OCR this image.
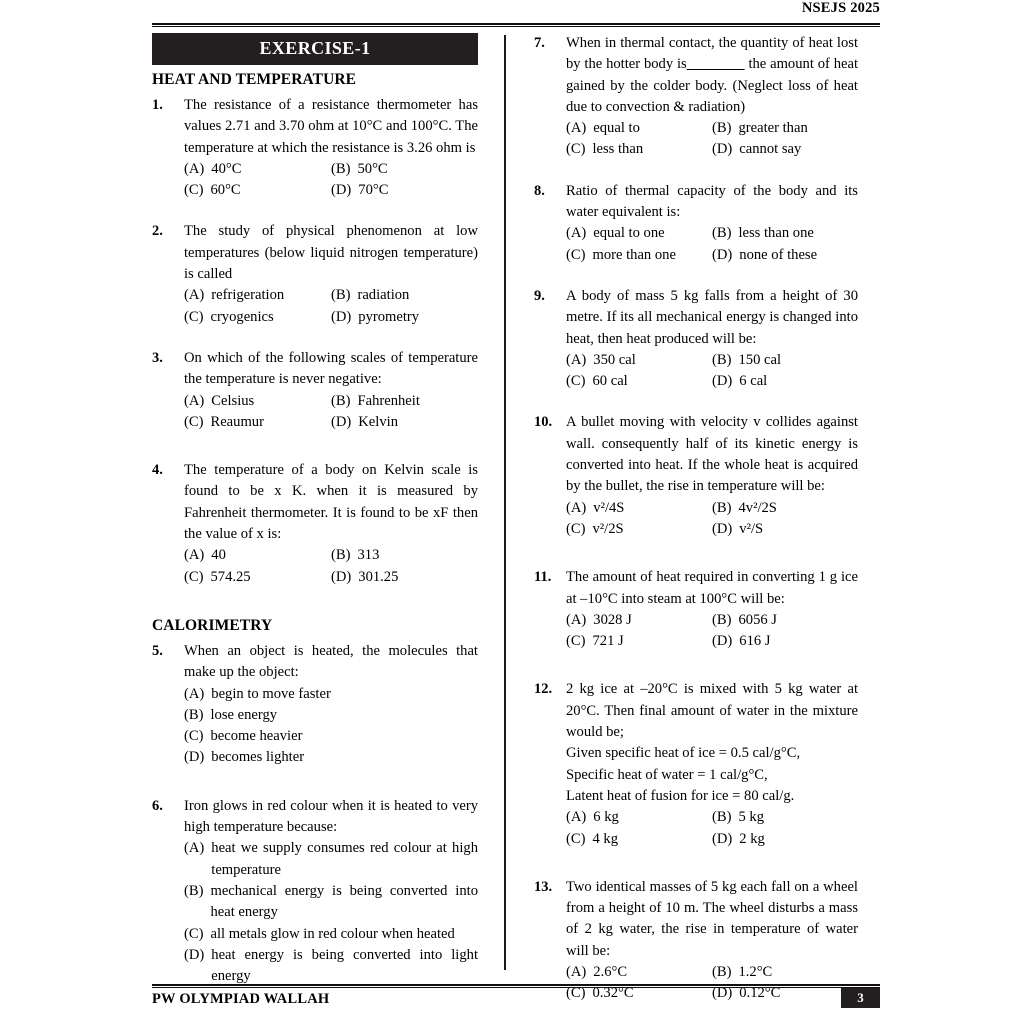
NSEJS 2025
EXERCISE-1
HEAT AND TEMPERATURE
1.	The resistance of a resistance thermometer has values 2.71 and 3.70 ohm at 10°C and 100°C. The temperature at which the resistance is 3.26 ohm is
(A) 40°C	(B) 50°C
(C) 60°C	(D) 70°C
2.	The study of physical phenomenon at low temperatures (below liquid nitrogen temperature) is called
(A) refrigeration	(B) radiation
(C) cryogenics	(D) pyrometry
3.	On which of the following scales of temperature the temperature is never negative:
(A) Celsius	(B) Fahrenheit
(C) Reaumur	(D) Kelvin
4.	The temperature of a body on Kelvin scale is found to be x K. when it is measured by Fahrenheit thermometer. It is found to be xF then the value of x is:
(A) 40	(B) 313
(C) 574.25	(D) 301.25
CALORIMETRY
5.	When an object is heated, the molecules that make up the object:
(A) begin to move faster
(B) lose energy
(C) become heavier
(D) becomes lighter
6.	Iron glows in red colour when it is heated to very high temperature because:
(A) heat we supply consumes red colour at high temperature
(B) mechanical energy is being converted into heat energy
(C) all metals glow in red colour when heated
(D) heat energy is being converted into light energy
7.	When in thermal contact, the quantity of heat lost by the hotter body is	the amount of heat gained by the colder body. (Neglect loss of heat due to convection & radiation)
(A) equal to	(B) greater than
(C) less than	(D) cannot say
8.	Ratio of thermal capacity of the body and its water equivalent is:
(A) equal to one	(B) less than one
(C) more than one	(D) none of these
9.	A body of mass 5 kg falls from a height of 30 metre. If its all mechanical energy is changed into heat, then heat produced will be:
(A) 350 cal	(B) 150 cal
(C) 60 cal	(D) 6 cal
10. A bullet moving with velocity v collides against wall. consequently half of its kinetic energy is converted into heat. If the whole heat is acquired by the bullet, the rise in temperature will be:
(A) v²/4S	(B) 4v²/2S
(C) v²/2S	(D) v²/S
11.	The amount of heat required in converting 1 g ice at –10°C into steam at 100°C will be:
(A) 3028 J	(B) 6056 J
(C) 721 J	(D) 616 J
12. 2 kg ice at –20°C is mixed with 5 kg water at 20°C. Then final amount of water in the mixture would be;
Given specific heat of ice = 0.5 cal/g°C,
Specific heat of water = 1 cal/g°C,
Latent heat of fusion for ice = 80 cal/g.
(A) 6 kg	(B) 5 kg
(C) 4 kg	(D) 2 kg
13. Two identical masses of 5 kg each fall on a wheel from a height of 10 m. The wheel disturbs a mass of 2 kg water, the rise in temperature of water will be:
(A) 2.6°C	(B) 1.2°C
(C) 0.32°C	(D) 0.12°C
PW OLYMPIAD WALLAH	3
